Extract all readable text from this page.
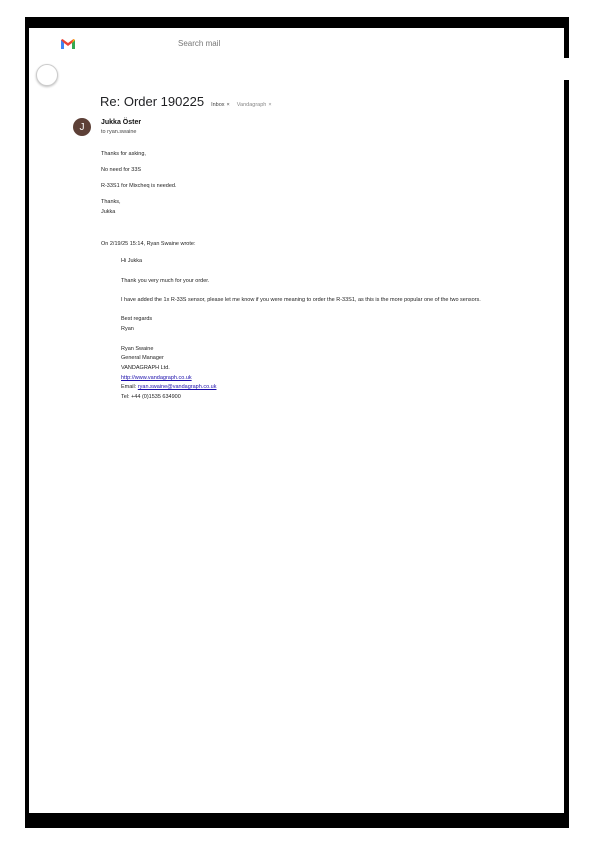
Search mail
Re: Order 190225 Inbox × Vandagraph ×
J Jukka Öster
to ryan.swaine
Thanks for asking,
No need for 33S
R-33S1 for Mixcheq is needed.
Thanks,
Jukka
On 2/19/25 15:14, Ryan Swaine wrote:
Hi Jukka
Thank you very much for your order.
I have added the 1x R-33S sensor, please let me know if you were meaning to order the R-33S1, as this is the more popular one of the two sensors.
Best regards
Ryan
Ryan Swaine
General Manager
VANDAGRAPH Ltd.
http://www.vandagraph.co.uk
Email: ryan.swaine@vandagraph.co.uk
Tel: +44 (0)1535 634900
